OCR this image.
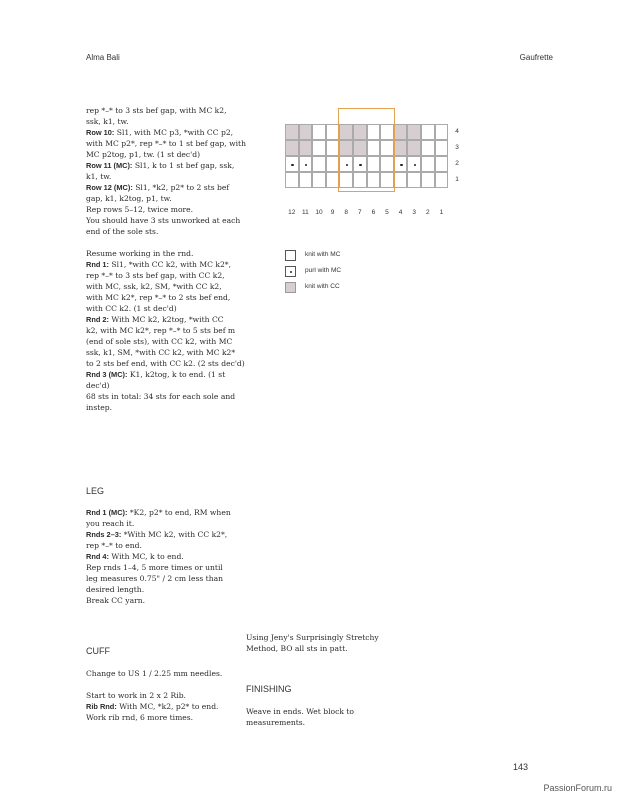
Alma Bali	Gaufrette

rep *–* to 3 sts bef gap, with MC k2,

ssk, k1, tw.

Row 10: Sl1, with MC p3, *with CC p2,

with MC p2*, rep *–* to 1 st bef gap, with

MC p2tog, p1, tw. (1 st dec'd)

Row 11 (MC): Sl1, k to 1 st bef gap, ssk,

k1, tw.

Row 12 (MC): Sl1, *k2, p2* to 2 sts bef

gap, k1, k2tog, p1, tw.

Rep rows 5–12, twice more.

You should have 3 sts unworked at each

end of the sole sts.

Resume working in the rnd.

Rnd 1: Sl1, *with CC k2, with MC k2*,

rep *–* to 3 sts bef gap, with CC k2,

with MC, ssk, k2, SM, *with CC k2,

with MC k2*, rep *–* to 2 sts bef end,

with CC k2. (1 st dec'd)

Rnd 2: With MC k2, k2tog, *with CC

k2, with MC k2*, rep *–* to 5 sts bef m

(end of sole sts), with CC k2, with MC

ssk, k1, SM, *with CC k2, with MC k2*

to 2 sts bef end, with CC k2. (2 sts dec'd)

Rnd 3 (MC): K1, k2tog, k to end. (1 st

dec'd)

68 sts in total: 34 sts for each sole and

instep.

LEG

Rnd 1 (MC): *K2, p2* to end, RM when

you reach it.

Rnds 2–3: *With MC k2, with CC k2*,

rep *–* to end.

Rnd 4: With MC, k to end.

Rep rnds 1–4, 5 more times or until

leg measures 0.75" / 2 cm less than

desired length.

Break CC yarn.

CUFF

Change to US 1 / 2.25 mm needles.

Start to work in 2 x 2 Rib.

Rib Rnd: With MC, *k2, p2* to end.

Work rib rnd, 6 more times.

Using Jeny's Surprisingly Stretchy

Method, BO all sts in patt.

FINISHING

Weave in ends. Wet block to

measurements.

4
3
2
1
12	11	10	9	8	7	6	5	4	3	2	1
knit with MC
purl with MC
knit with CC
143
PassionForum.ru
